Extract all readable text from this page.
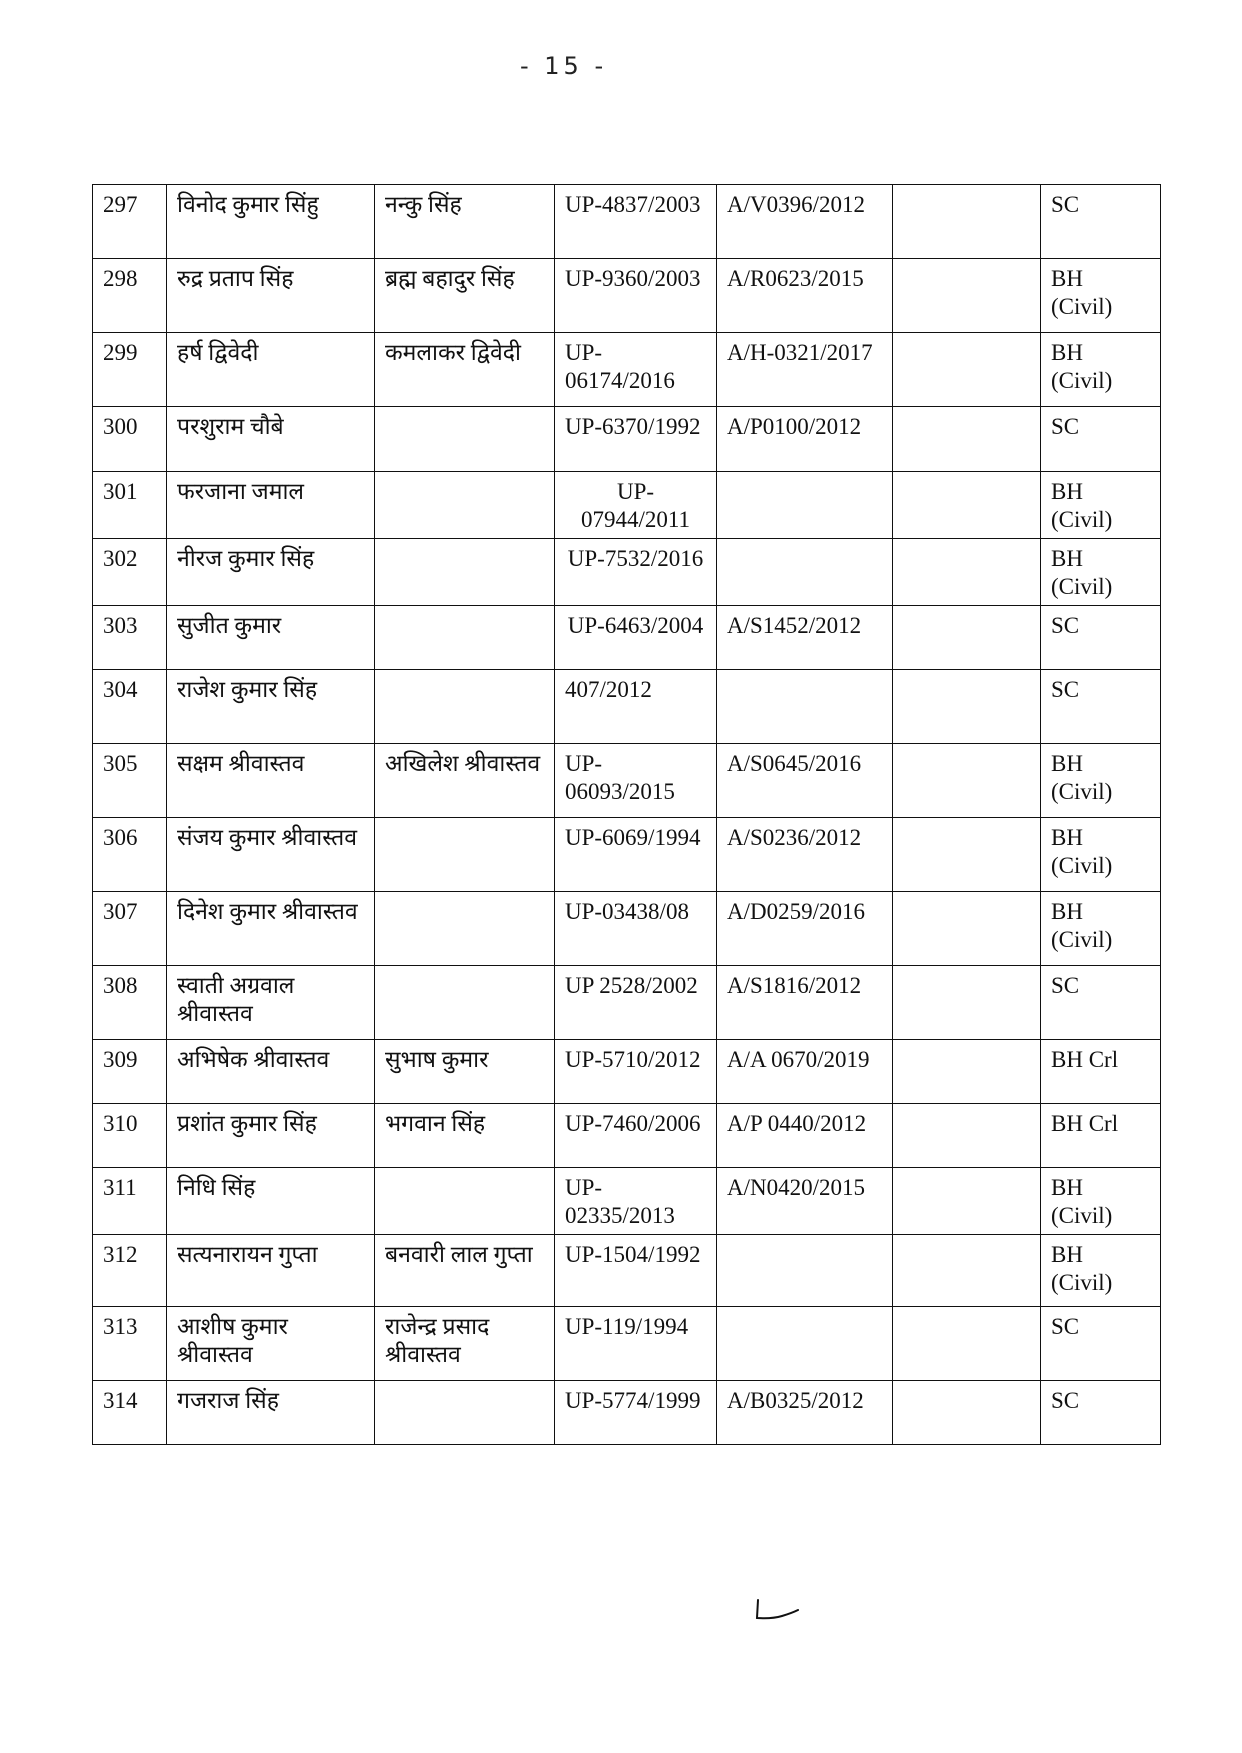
- 15 -
297	विनोद कुमार सिंहु	नन्कु सिंह	UP-4837/2003	A/V0396/2012		SC
298	रुद्र प्रताप सिंह	ब्रह्म बहादुर सिंह	UP-9360/2003	A/R0623/2015		BH (Civil)
299	हर्ष द्विवेदी	कमलाकर द्विवेदी	UP-06174/2016	A/H-0321/2017		BH (Civil)
300	परशुराम चौबे		UP-6370/1992	A/P0100/2012		SC
301	फरजाना जमाल		UP-07944/2011			BH (Civil)
302	नीरज कुमार सिंह		UP-7532/2016			BH (Civil)
303	सुजीत कुमार		UP-6463/2004	A/S1452/2012		SC
304	राजेश कुमार सिंह		407/2012			SC
305	सक्षम श्रीवास्तव	अखिलेश श्रीवास्तव	UP-06093/2015	A/S0645/2016		BH (Civil)
306	संजय कुमार श्रीवास्तव		UP-6069/1994	A/S0236/2012		BH (Civil)
307	दिनेश कुमार श्रीवास्तव		UP-03438/08	A/D0259/2016		BH (Civil)
308	स्वाती अग्रवाल श्रीवास्तव		UP 2528/2002	A/S1816/2012		SC
309	अभिषेक श्रीवास्तव	सुभाष कुमार	UP-5710/2012	A/A 0670/2019		BH Crl
310	प्रशांत कुमार सिंह	भगवान सिंह	UP-7460/2006	A/P 0440/2012		BH Crl
311	निधि सिंह		UP-02335/2013	A/N0420/2015		BH (Civil)
312	सत्यनारायन गुप्ता	बनवारी लाल गुप्ता	UP-1504/1992			BH (Civil)
313	आशीष कुमार श्रीवास्तव	राजेन्द्र प्रसाद श्रीवास्तव	UP-119/1994			SC
314	गजराज सिंह		UP-5774/1999	A/B0325/2012		SC
